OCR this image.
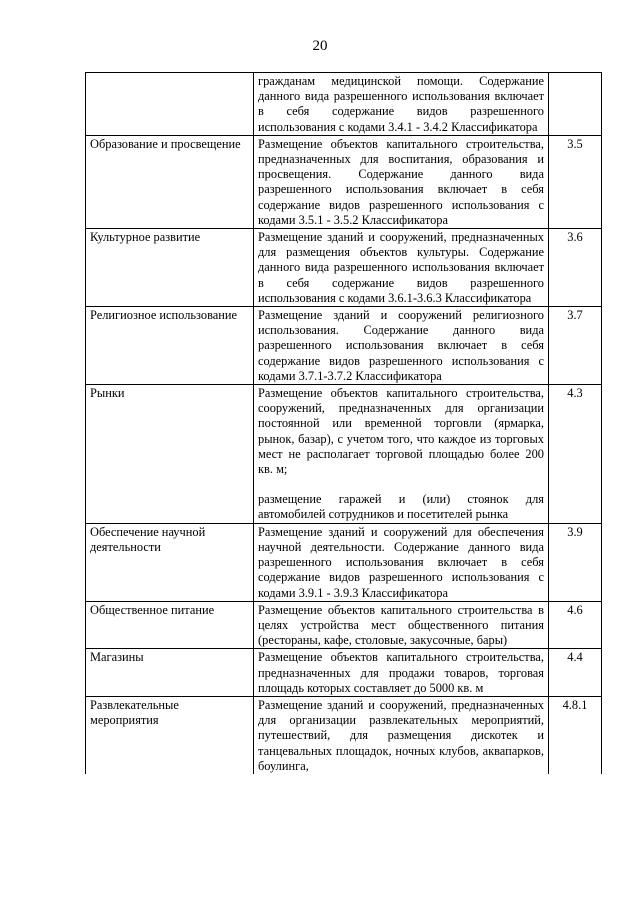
20

	гражданам медицинской помощи. Содержание данного вида разрешенного использования включает в себя содержание видов разрешенного использования с кодами 3.4.1 - 3.4.2 Классификатора	

Образование и просвещение	Размещение объектов капитального строительства, предназначенных для воспитания, образования и просвещения. Содержание данного вида разрешенного использования включает в себя содержание видов разрешенного использования с кодами 3.5.1 - 3.5.2 Классификатора	3.5
Культурное развитие	Размещение зданий и сооружений, предназначенных для размещения объектов культуры. Содержание данного вида разрешенного использования включает в себя содержание видов разрешенного использования с кодами 3.6.1-3.6.3 Классификатора	3.6
Религиозное использование	Размещение зданий и сооружений религиозного использования. Содержание данного вида разрешенного использования включает в себя содержание видов разрешенного использования с кодами 3.7.1-3.7.2 Классификатора	3.7
Рынки	Размещение объектов капитального строительства, сооружений, предназначенных для организации постоянной или временной торговли (ярмарка, рынок, базар), с учетом того, что каждое из торговых мест не располагает торговой площадью более 200 кв. м;
размещение гаражей и (или) стоянок для автомобилей сотрудников и посетителей рынка	4.3
Обеспечение научной деятельности	Размещение зданий и сооружений для обеспечения научной деятельности. Содержание данного вида разрешенного использования включает в себя содержание видов разрешенного использования с кодами 3.9.1 - 3.9.3 Классификатора	3.9
Общественное питание	Размещение объектов капитального строительства в целях устройства мест общественного питания (рестораны, кафе, столовые, закусочные, бары)	4.6
Магазины	Размещение объектов капитального строительства, предназначенных для продажи товаров, торговая площадь которых составляет до 5000 кв. м	4.4
Развлекательные мероприятия	Размещение зданий и сооружений, предназначенных для организации развлекательных мероприятий, путешествий, для размещения дискотек и танцевальных площадок, ночных клубов, аквапарков, боулинга,	4.8.1
